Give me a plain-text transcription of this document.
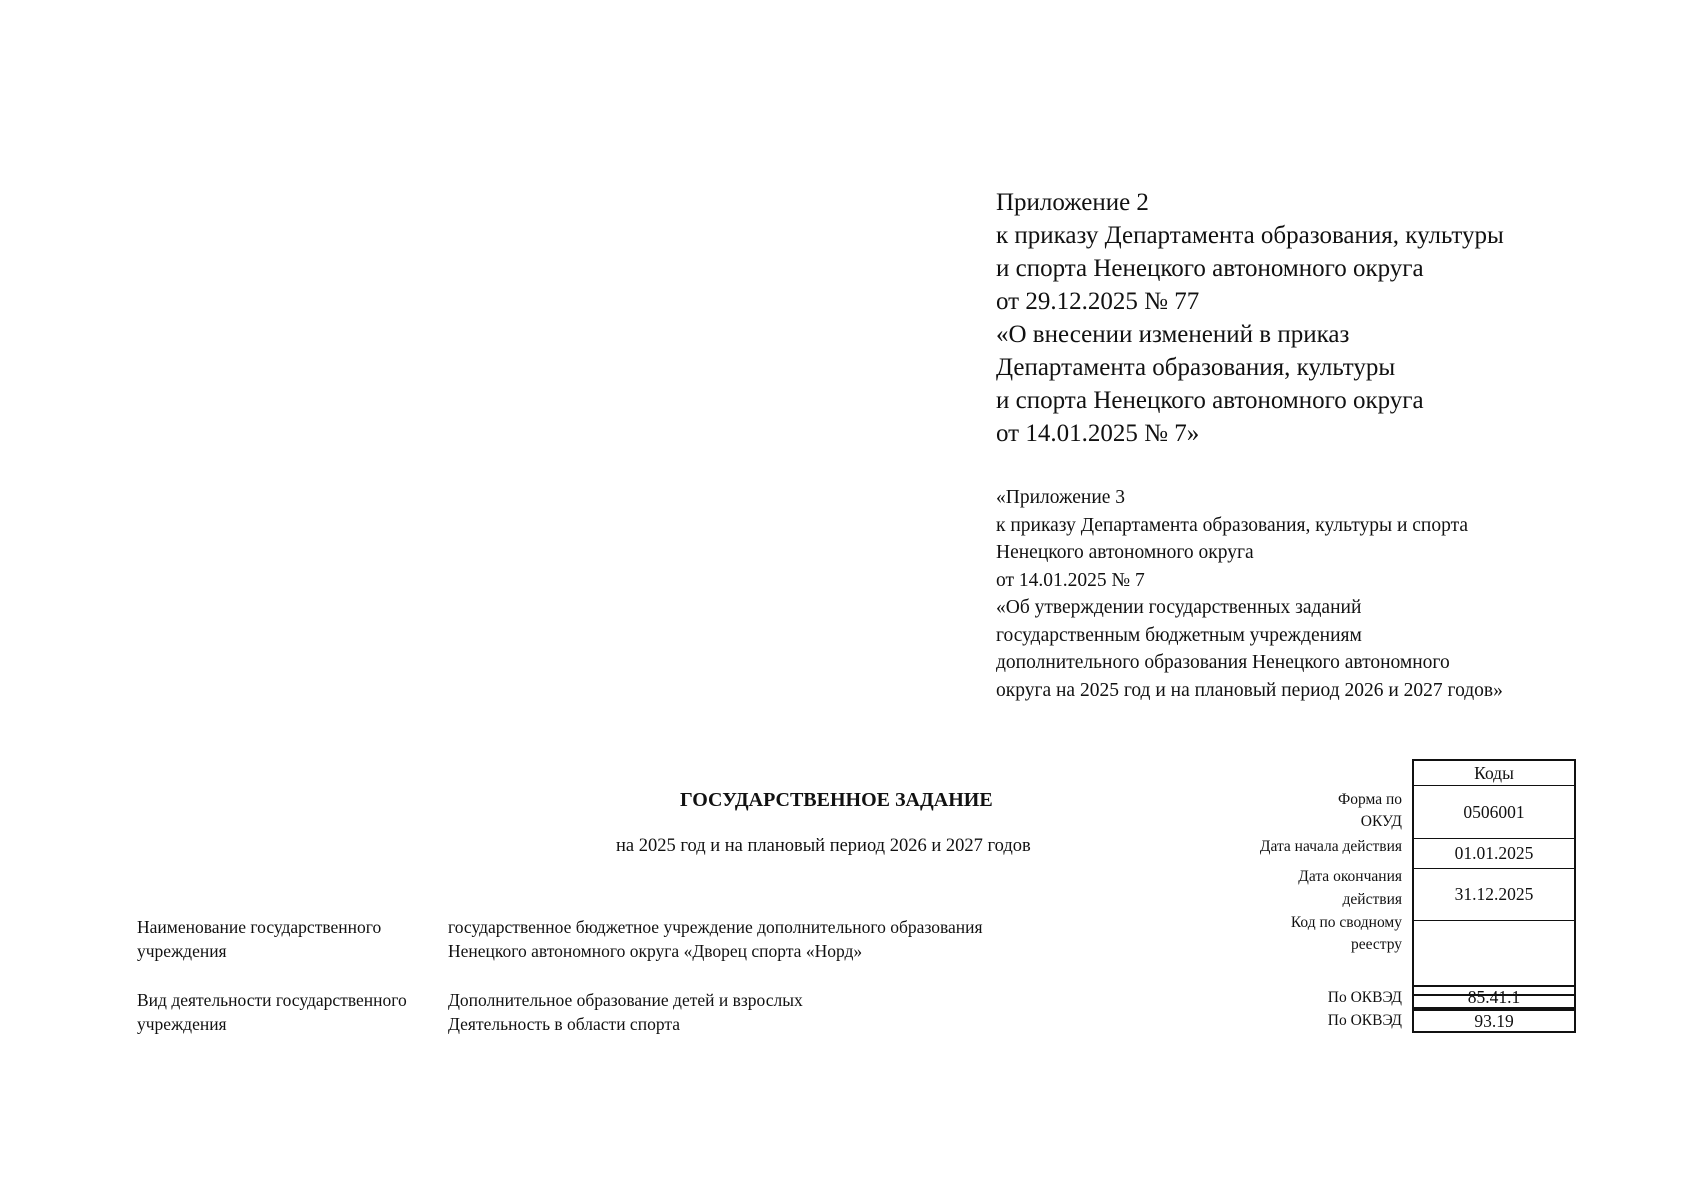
Приложение 2
к приказу Департамента образования, культуры
и спорта Ненецкого автономного округа
от 29.12.2025 № 77
«О внесении изменений в приказ
Департамента образования, культуры
и спорта Ненецкого автономного округа
от 14.01.2025 № 7»
«Приложение 3
к приказу Департамента образования, культуры и спорта
Ненецкого автономного округа
от 14.01.2025 № 7
«Об утверждении государственных заданий
государственным бюджетным учреждениям
дополнительного образования Ненецкого автономного
округа на 2025 год и на плановый период 2026 и 2027 годов»
ГОСУДАРСТВЕННОЕ ЗАДАНИЕ
на 2025 год и на плановый период 2026 и 2027 годов
Наименование государственного
учреждения
государственное бюджетное учреждение дополнительного образования
Ненецкого автономного округа «Дворец спорта «Норд»
Вид деятельности государственного
учреждения
Дополнительное образование детей и взрослых
Деятельность в области спорта
Форма по
ОКУД
Дата начала действия
Дата окончания
действия
Код по сводному
реестру
По ОКВЭД
По ОКВЭД
Коды
0506001
01.01.2025
31.12.2025
85.41.1
93.19
